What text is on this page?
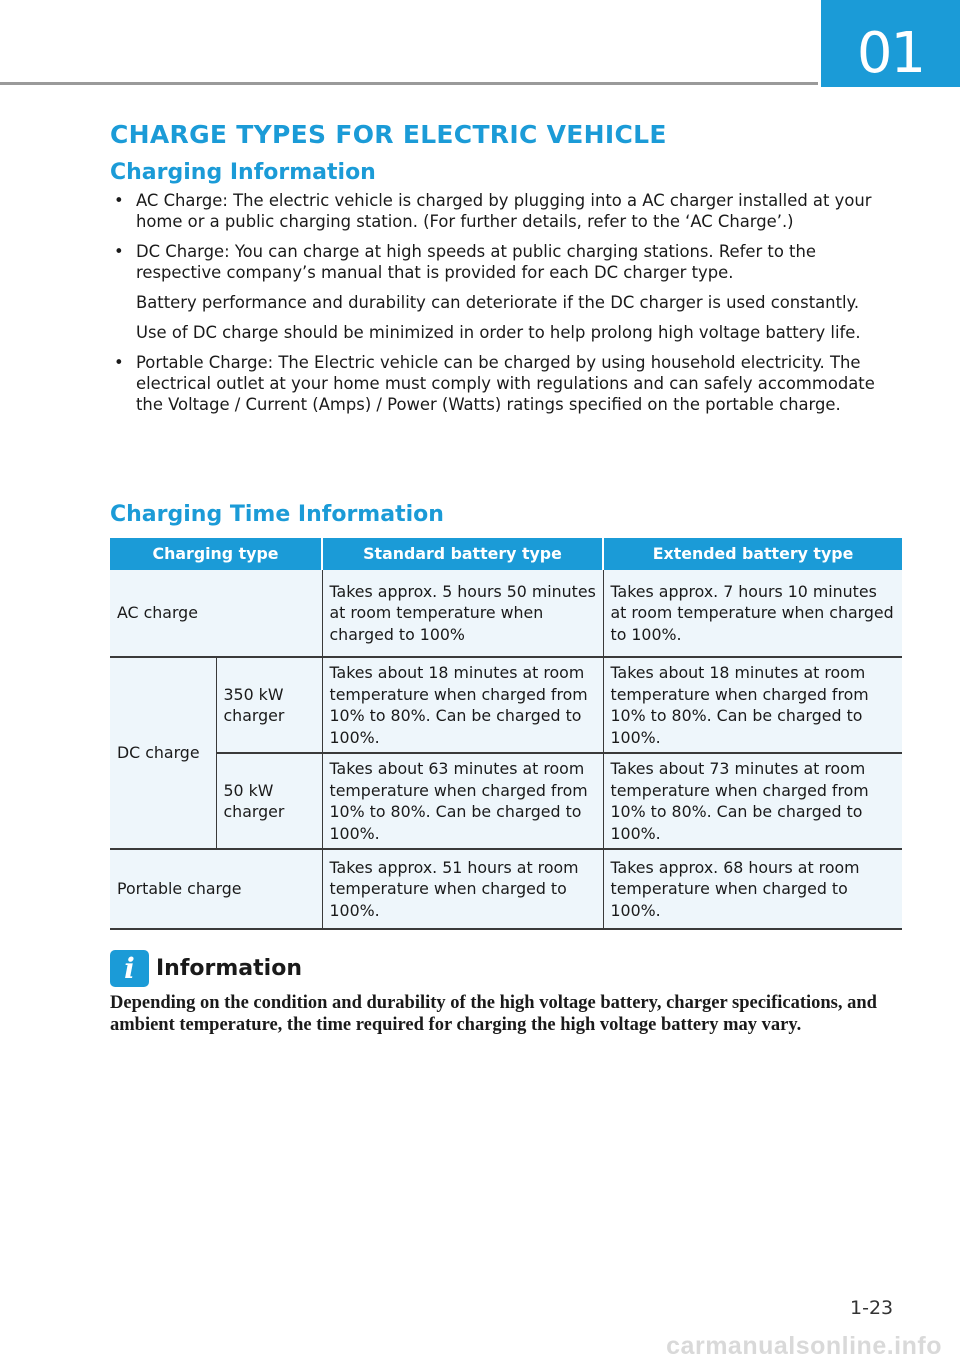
01
CHARGE TYPES FOR ELECTRIC VEHICLE
Charging Information
• AC Charge: The electric vehicle is charged by plugging into a AC charger installed at your home or a public charging station. (For further details, refer to the ‘AC Charge’.)

• DC Charge: You can charge at high speeds at public charging stations. Refer to the respective company’s manual that is provided for each DC charger type.

Battery performance and durability can deteriorate if the DC charger is used constantly.

Use of DC charge should be minimized in order to help prolong high voltage battery life.

• Portable Charge: The Electric vehicle can be charged by using household electricity. The electrical outlet at your home must comply with regulations and can safely accommodate the Voltage / Current (Amps) / Power (Watts) ratings specified on the portable charge.

Charging Time Information
Charging type		Standard battery type	Extended battery type
AC charge		Takes approx. 5 hours 50 minutes at room temperature when charged to 100%	Takes approx. 7 hours 10 minutes at room temperature when charged to 100%.
DC charge	350 kW charger	Takes about 18 minutes at room temperature when charged from 10% to 80%. Can be charged to 100%.	Takes about 18 minutes at room temperature when charged from 10% to 80%. Can be charged to 100%.
	50 kW charger	Takes about 63 minutes at room temperature when charged from 10% to 80%. Can be charged to 100%.	Takes about 73 minutes at room temperature when charged from 10% to 80%. Can be charged to 100%.
Portable charge		Takes approx. 51 hours at room temperature when charged to 100%.	Takes approx. 68 hours at room temperature when charged to 100%.
i Information

Depending on the condition and durability of the high voltage battery, charger specifications, and ambient temperature, the time required for charging the high voltage battery may vary.

1-23
carmanualsonline.info
